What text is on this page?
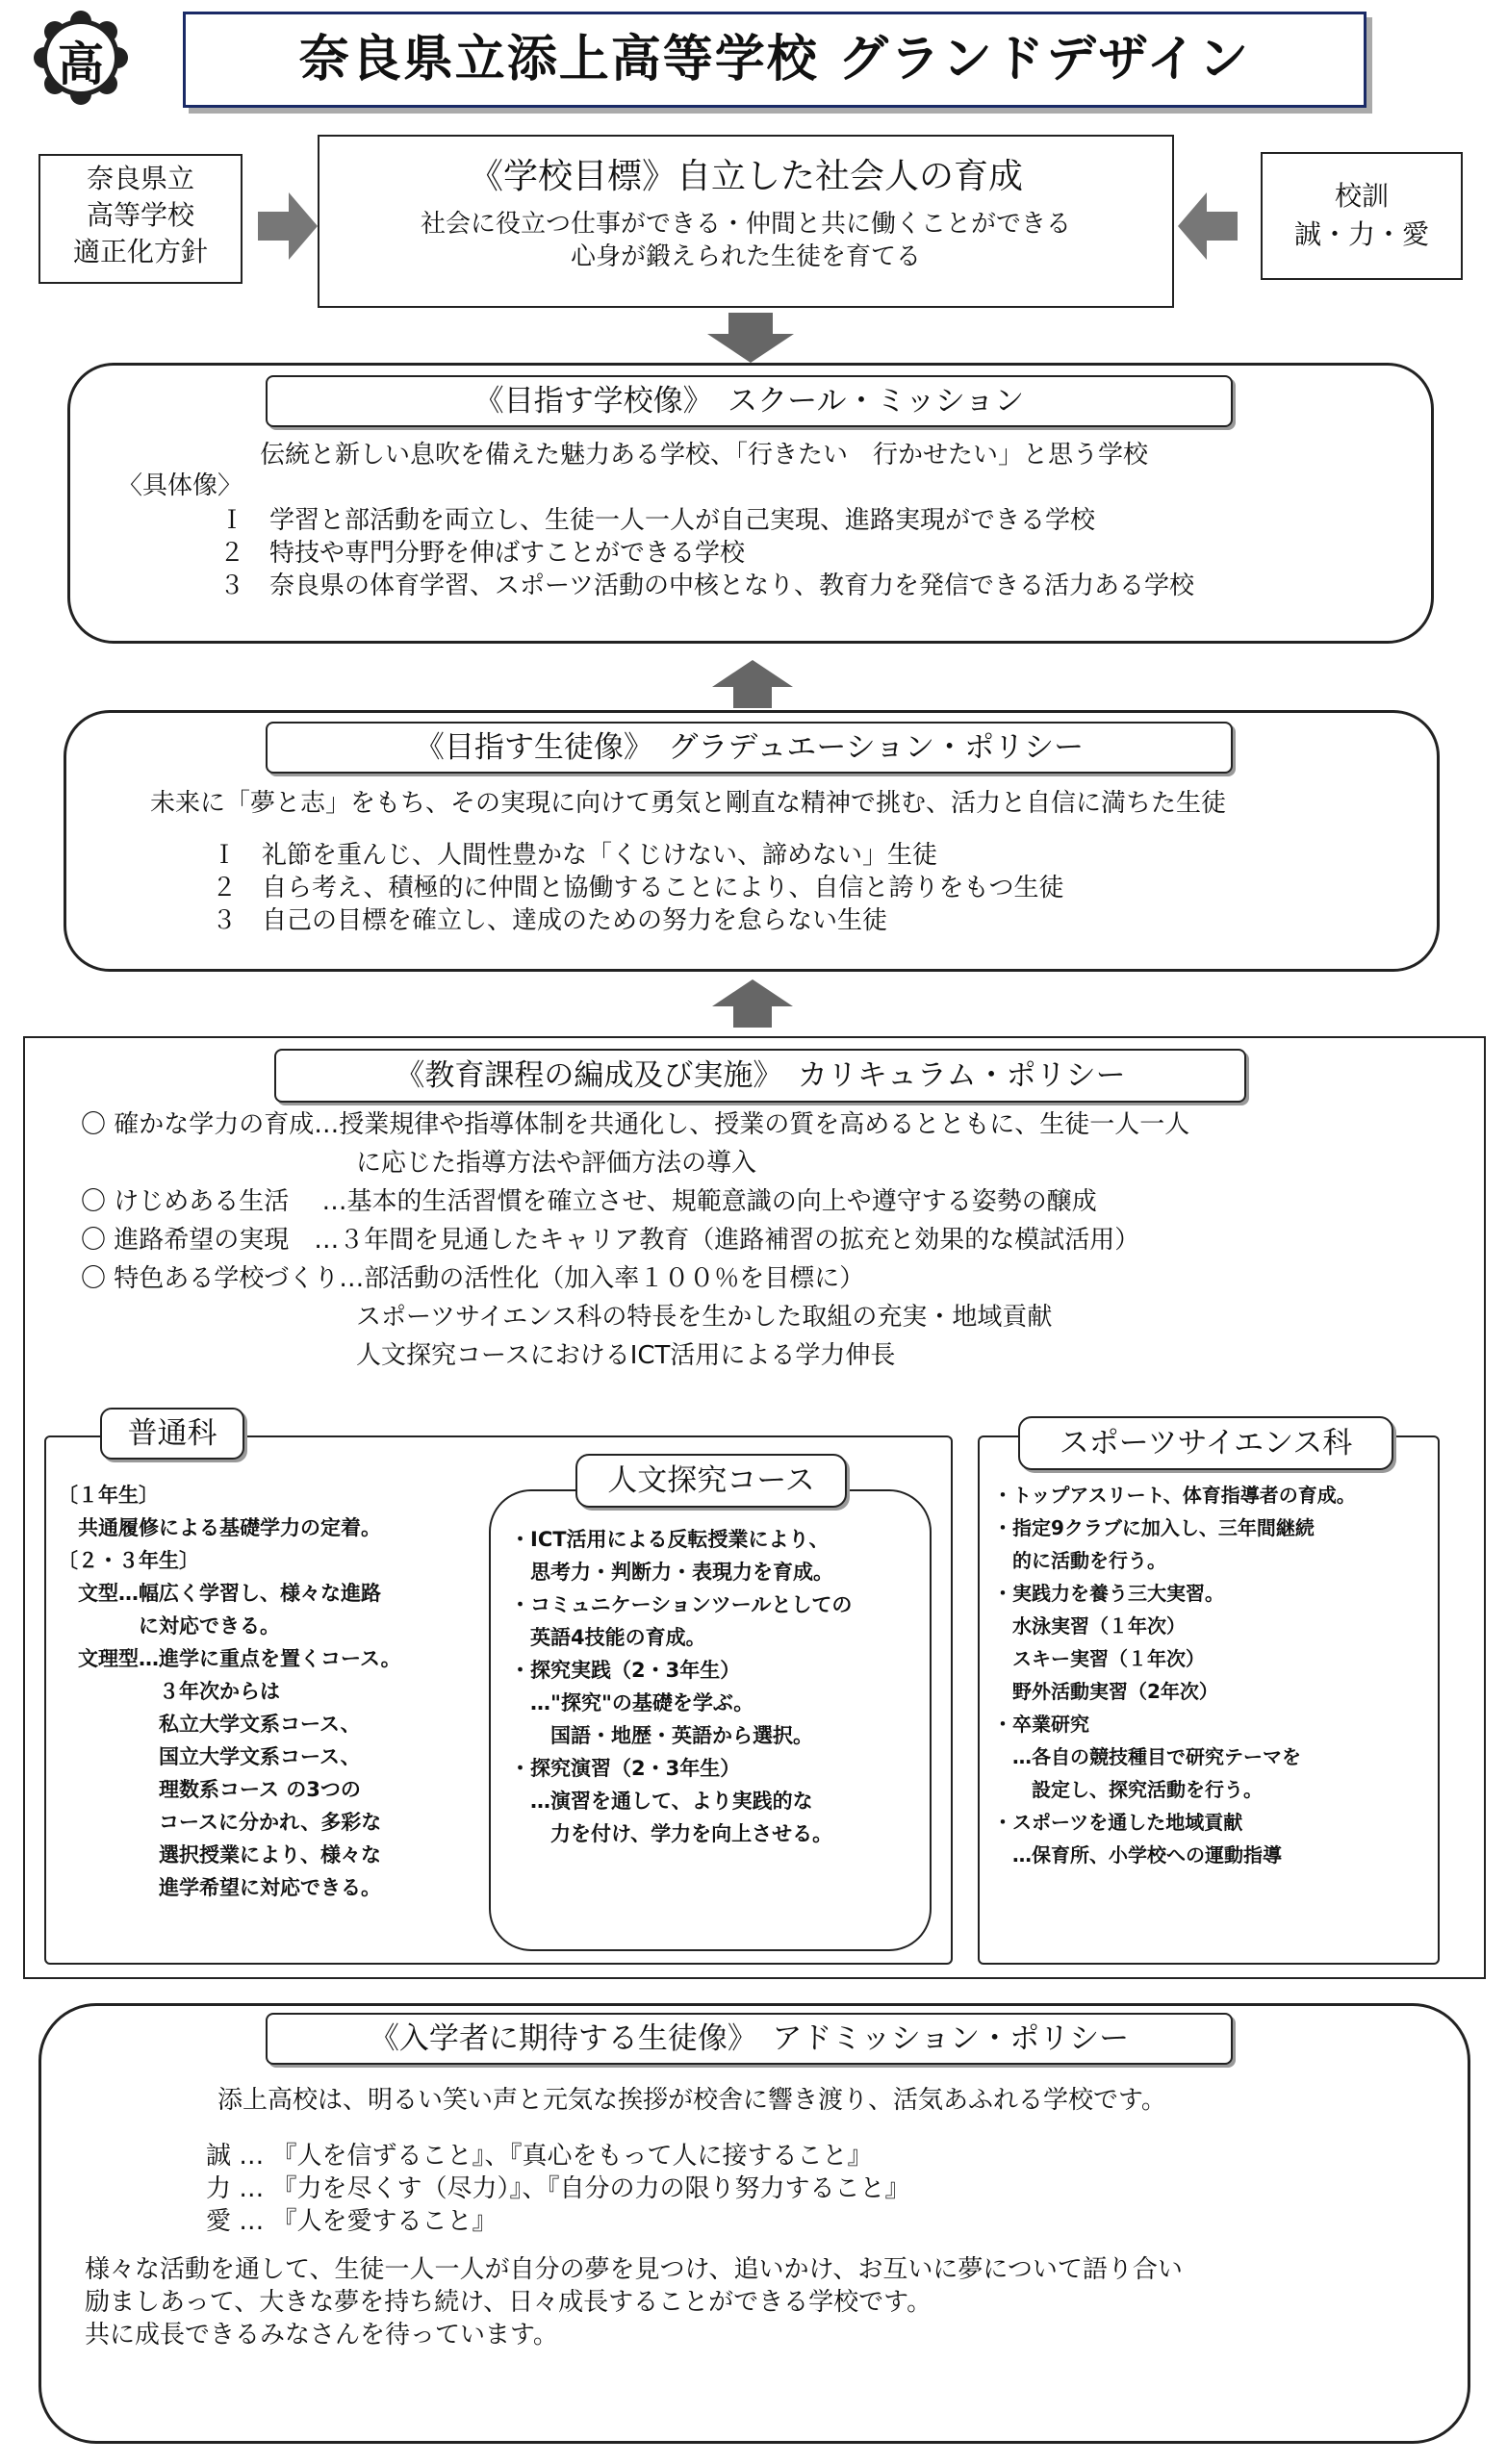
高	奈良県立添上高等学校 グランドデザイン
奈良県立
高等学校
適正化方針
《学校目標》自立した社会人の育成
社会に役立つ仕事ができる・仲間と共に働くことができる
心身が鍛えられた生徒を育てる
校訓
誠・力・愛
《目指す学校像》　スクール・ミッション
伝統と新しい息吹を備えた魅力ある学校、「行きたい　行かせたい」と思う学校
〈具体像〉
Ｉ　学習と部活動を両立し、生徒一人一人が自己実現、進路実現ができる学校
２　特技や専門分野を伸ばすことができる学校
３　奈良県の体育学習、スポーツ活動の中核となり、教育力を発信できる活力ある学校
《目指す生徒像》　グラデュエーション・ポリシー
未来に「夢と志」をもち、その実現に向けて勇気と剛直な精神で挑む、活力と自信に満ちた生徒
Ｉ　礼節を重んじ、人間性豊かな「くじけない、諦めない」生徒
２　自ら考え、積極的に仲間と協働することにより、自信と誇りをもつ生徒
３　自己の目標を確立し、達成のための努力を怠らない生徒
《教育課程の編成及び実施》　カリキュラム・ポリシー
〇 確かな学力の育成…授業規律や指導体制を共通化し、授業の質を高めるとともに、生徒一人一人
　　　　　　　　　　　に応じた指導方法や評価方法の導入
〇 けじめある生活　 …基本的生活習慣を確立させ、規範意識の向上や遵守する姿勢の醸成
〇 進路希望の実現　…３年間を見通したキャリア教育（進路補習の拡充と効果的な模試活用）
〇 特色ある学校づくり…部活動の活性化（加入率１００％を目標に）
　　　　　　　　　　　スポーツサイエンス科の特長を生かした取組の充実・地域貢献
　　　　　　　　　　　人文探究コースにおけるICT活用による学力伸長
普通科
〔１年生〕
　共通履修による基礎学力の定着。
〔２・３年生〕
　文型…幅広く学習し、様々な進路
　　　　に対応できる。
　文理型…進学に重点を置くコース。
　　　　　３年次からは
　　　　　私立大学文系コース、
　　　　　国立大学文系コース、
　　　　　理数系コース の3つの
　　　　　コースに分かれ、多彩な
　　　　　選択授業により、様々な
　　　　　進学希望に対応できる。
人文探究コース
・ICT活用による反転授業により、
　思考力・判断力・表現力を育成。
・コミュニケーションツールとしての
　英語4技能の育成。
・探究実践（2・3年生）
　…"探究"の基礎を学ぶ。
　　国語・地歴・英語から選択。
・探究演習（2・3年生）
　…演習を通して、より実践的な
　　力を付け、学力を向上させる。
スポーツサイエンス科
・トップアスリート、体育指導者の育成。
・指定9クラブに加入し、三年間継続
　的に活動を行う。
・実践力を養う三大実習。
　水泳実習（１年次）
　スキー実習（１年次）
　野外活動実習（2年次）
・卒業研究
　…各自の競技種目で研究テーマを
　　設定し、探究活動を行う。
・スポーツを通した地域貢献
　…保育所、小学校への運動指導
《入学者に期待する生徒像》　アドミッション・ポリシー
添上高校は、明るい笑い声と元気な挨拶が校舎に響き渡り、活気あふれる学校です。
誠 … 『人を信ずること』、『真心をもって人に接すること』
力 … 『力を尽くす（尽力）』、『自分の力の限り努力すること』
愛 … 『人を愛すること』
様々な活動を通して、生徒一人一人が自分の夢を見つけ、追いかけ、お互いに夢について語り合い
励ましあって、大きな夢を持ち続け、日々成長することができる学校です。
共に成長できるみなさんを待っています。
